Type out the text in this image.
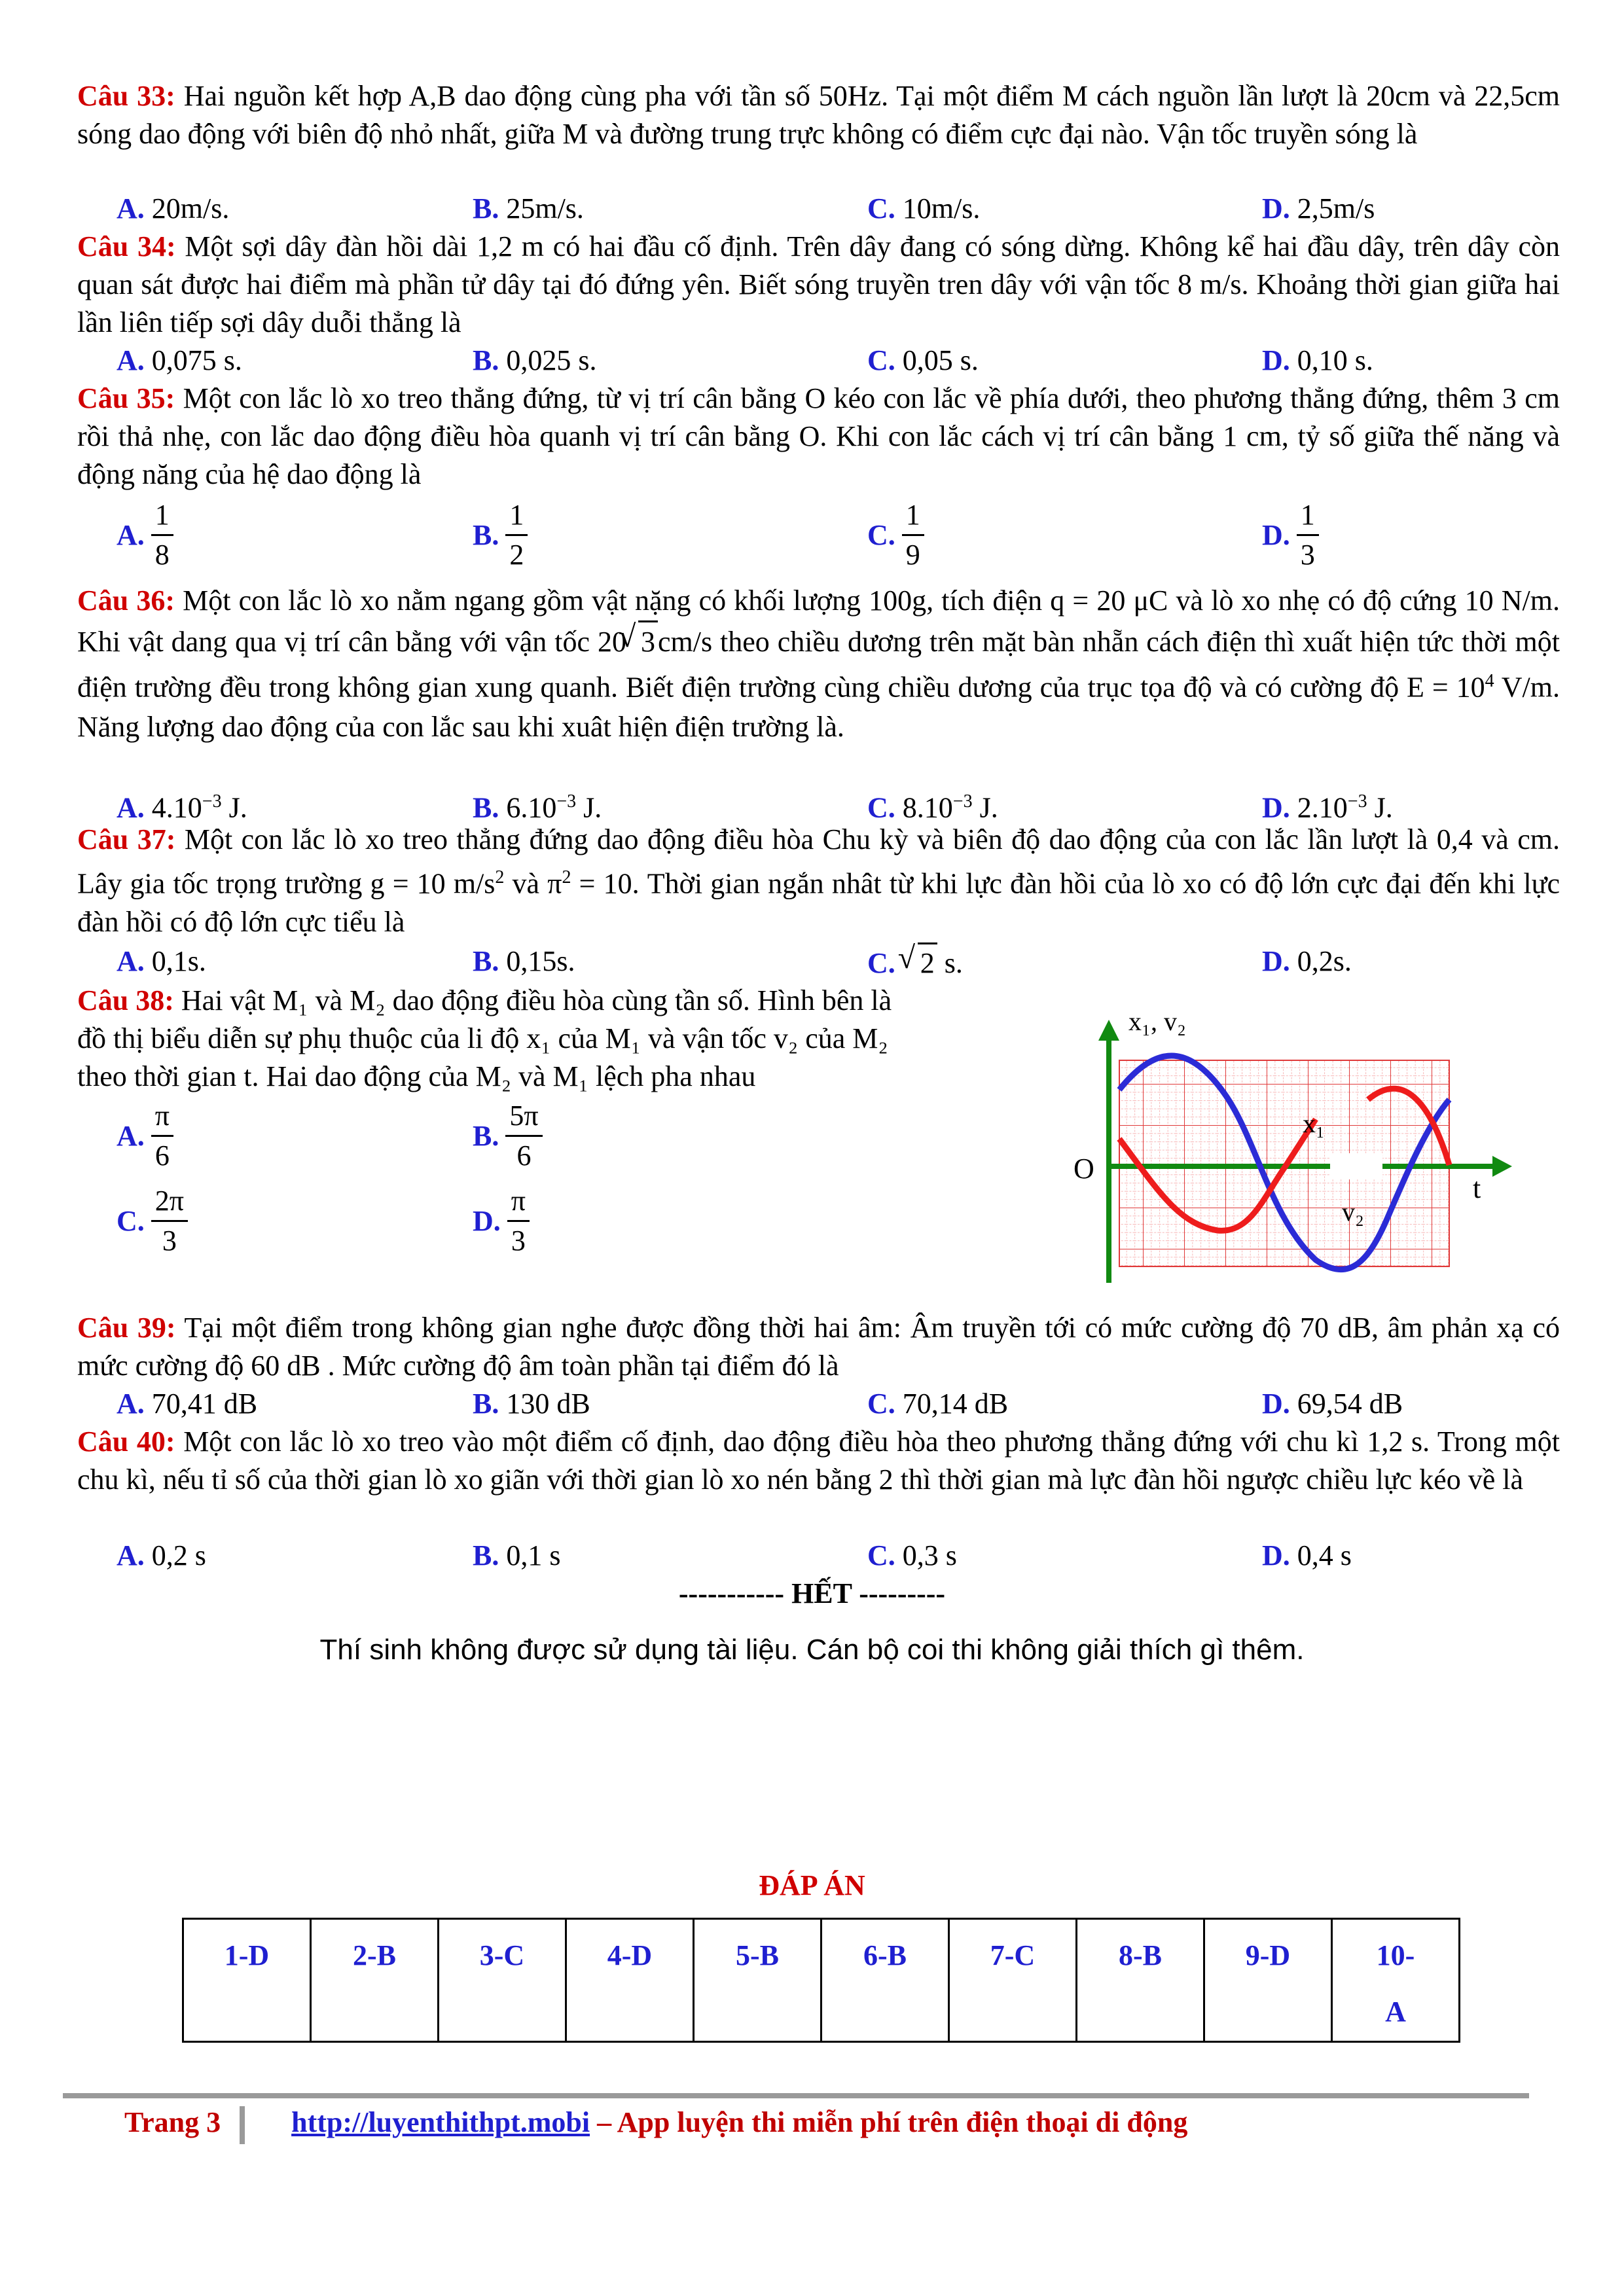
Câu 33: Hai nguồn kết hợp A,B dao động cùng pha với tần số 50Hz. Tại một điểm M cách nguồn lần lượt là 20cm và 22,5cm sóng dao động với biên độ nhỏ nhất, giữa M và đường trung trực không có điểm cực đại nào. Vận tốc truyền sóng là
A. 20m/s.	B. 25m/s.	C. 10m/s.	D. 2,5m/s
Câu 34: Một sợi dây đàn hồi dài 1,2 m có hai đầu cố định. Trên dây đang có sóng dừng. Không kể hai đầu dây, trên dây còn quan sát được hai điểm mà phần tử dây tại đó đứng yên. Biết sóng truyền tren dây với vận tốc 8 m/s. Khoảng thời gian giữa hai lần liên tiếp sợi dây duỗi thẳng là
A. 0,075 s.	B. 0,025 s.	C. 0,05 s.	D. 0,10 s.
Câu 35: Một con lắc lò xo treo thẳng đứng, từ vị trí cân bằng O kéo con lắc về phía dưới, theo phương thẳng đứng, thêm 3 cm rồi thả nhẹ, con lắc dao động điều hòa quanh vị trí cân bằng O. Khi con lắc cách vị trí cân bằng 1 cm, tỷ số giữa thế năng và động năng của hệ dao động là
A. $\frac{1}{8}$	B. $\frac{1}{2}$	C. $\frac{1}{9}$	D. $\frac{1}{3}$
Câu 36: Một con lắc lò xo nằm ngang gồm vật nặng có khối lượng 100g, tích điện q = 20 μC và lò xo nhẹ có độ cứng 10 N/m. Khi vật dang qua vị trí cân bằng với vận tốc 20 √ 3cm/s theo chiều dương trên mặt bàn nhẵn cách điện thì xuất hiện tức thời một điện trường đều trong không gian xung quanh. Biết điện trường cùng chiều dương của trục tọa độ và có cường độ $E = 10^4$ V/m. Năng lượng dao động của con lắc sau khi xuât hiện điện trường là.
A. $4.10^{-3}$ J.	B. $6.10^{-3}$ J.	C. $8.10^{-3}$ J.	D. $2.10^{-3}$ J.
Câu 37: Một con lắc lò xo treo thẳng đứng dao động điều hòa Chu kỳ và biên độ dao động của con lắc lần lượt là 0,4 và cm. Lây gia tốc trọng trường g = 10 $m/s^2$ và $\pi^2 = 10$. Thời gian ngắn nhât từ khi lực đàn hồi của lò xo có độ lớn cực đại đến khi lực đàn hồi có độ lớn cực tiểu là
A. 0,1s.	B. 0,15s.	C. √ 2 s.	D. 0,2s.
Câu 38: Hai vật M₁ và M₂ dao động điều hòa cùng tần số. Hình bên là
đồ thị biểu diễn sự phụ thuộc của li độ x₁ của M₁ và vận tốc v₂ của M₂
theo thời gian t. Hai dao động của M₂ và M₁ lệch pha nhau
A. $\frac{\pi}{6}$	B. $\frac{5\pi}{6}$
C. $\frac{2\pi}{3}$	D. $\frac{\pi}{3}$
x₁, v₂
t
O
x₁
v₂
Câu 39: Tại một điểm trong không gian nghe được đồng thời hai âm: Âm truyền tới có mức cường độ 70 dB, âm phản xạ có mức cường độ 60 dB . Mức cường độ âm toàn phần tại điểm đó là
A. 70,41 dB	B. 130 dB	C. 70,14 dB	D. 69,54 dB
Câu 40: Một con lắc lò xo treo vào một điểm cố định, dao động điều hòa theo phương thẳng đứng với chu kì 1,2 s. Trong một chu kì, nếu tỉ số của thời gian lò xo giãn với thời gian lò xo nén bằng 2 thì thời gian mà lực đàn hồi ngược chiều lực kéo về là
A. 0,2 s	B. 0,1 s	C. 0,3 s	D. 0,4 s
----------- HẾT ---------
Thí sinh không được sử dụng tài liệu. Cán bộ coi thi không giải thích gì thêm.
ĐÁP ÁN
1-D	2-B	3-C	4-D	5-B	6-B	7-C	8-B	9-D	10-
A
Trang 3 http://luyenthithpt.mobi – App luyện thi miễn phí trên điện thoại di động
